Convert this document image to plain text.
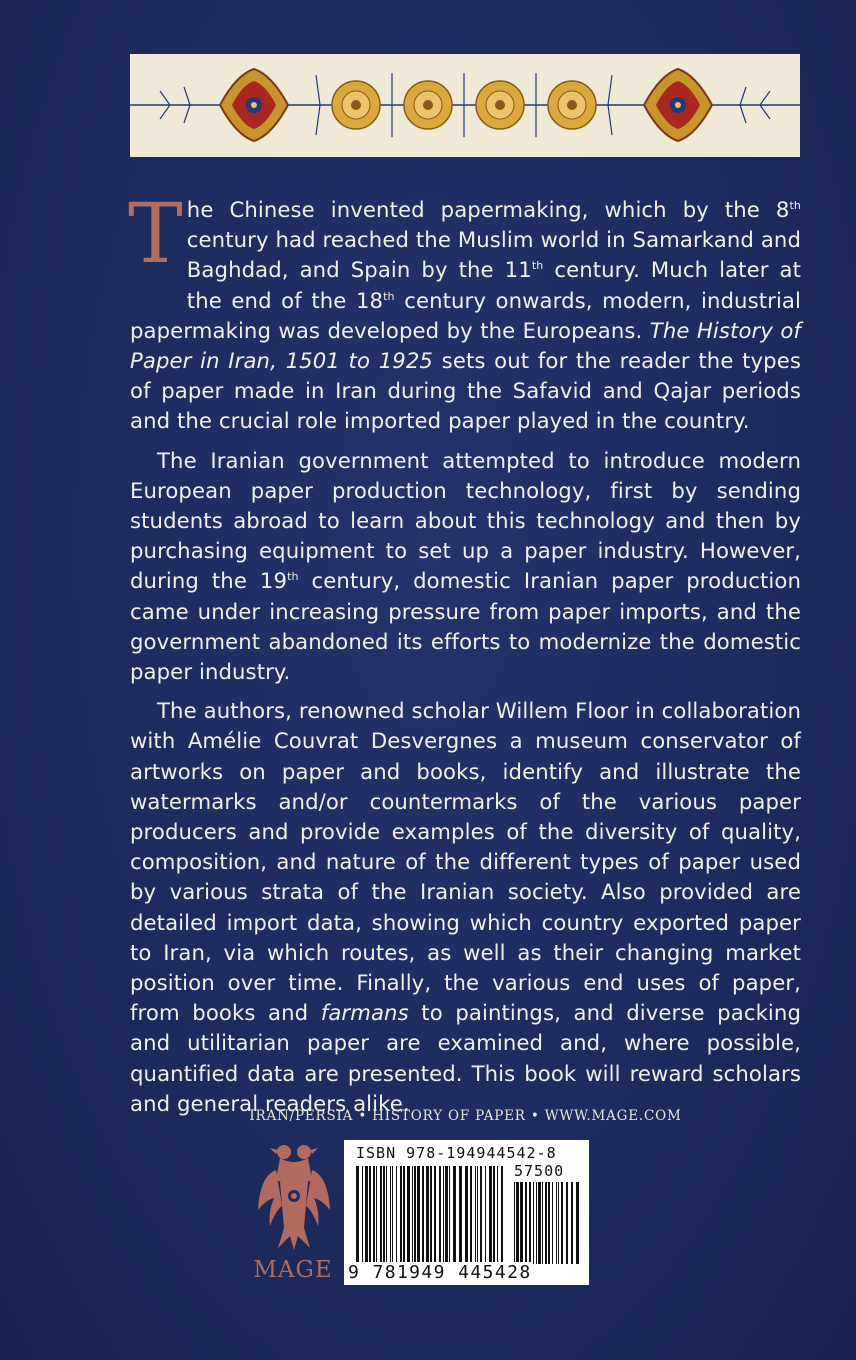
The Chinese invented papermaking, which by the 8th century had reached the Muslim world in Samarkand and Baghdad, and Spain by the 11th century. Much later at the end of the 18th century onwards, modern, industrial papermaking was developed by the Europeans. The History of Paper in Iran, 1501 to 1925 sets out for the reader the types of paper made in Iran during the Safavid and Qajar periods and the crucial role imported paper played in the country.

The Iranian government attempted to introduce modern European paper production technology, first by sending students abroad to learn about this technology and then by purchasing equipment to set up a paper industry. However, during the 19th century, domestic Iranian paper production came under increasing pressure from paper imports, and the government abandoned its efforts to modernize the domestic paper industry.

The authors, renowned scholar Willem Floor in collaboration with Amélie Couvrat Desvergnes a museum conservator of artworks on paper and books, identify and illustrate the watermarks and/or countermarks of the various paper producers and provide examples of the diversity of quality, composition, and nature of the different types of paper used by various strata of the Iranian society. Also provided are detailed import data, showing which country exported paper to Iran, via which routes, as well as their changing market position over time. Finally, the various end uses of paper, from books and farmans to paintings, and diverse packing and utilitarian paper are examined and, where possible, quantified data are presented. This book will reward scholars and general readers alike.

IRAN/PERSIA • HISTORY OF PAPER • WWW.MAGE.COM
MAGE
ISBN 978-194944542-8
57500
9 781949 445428
